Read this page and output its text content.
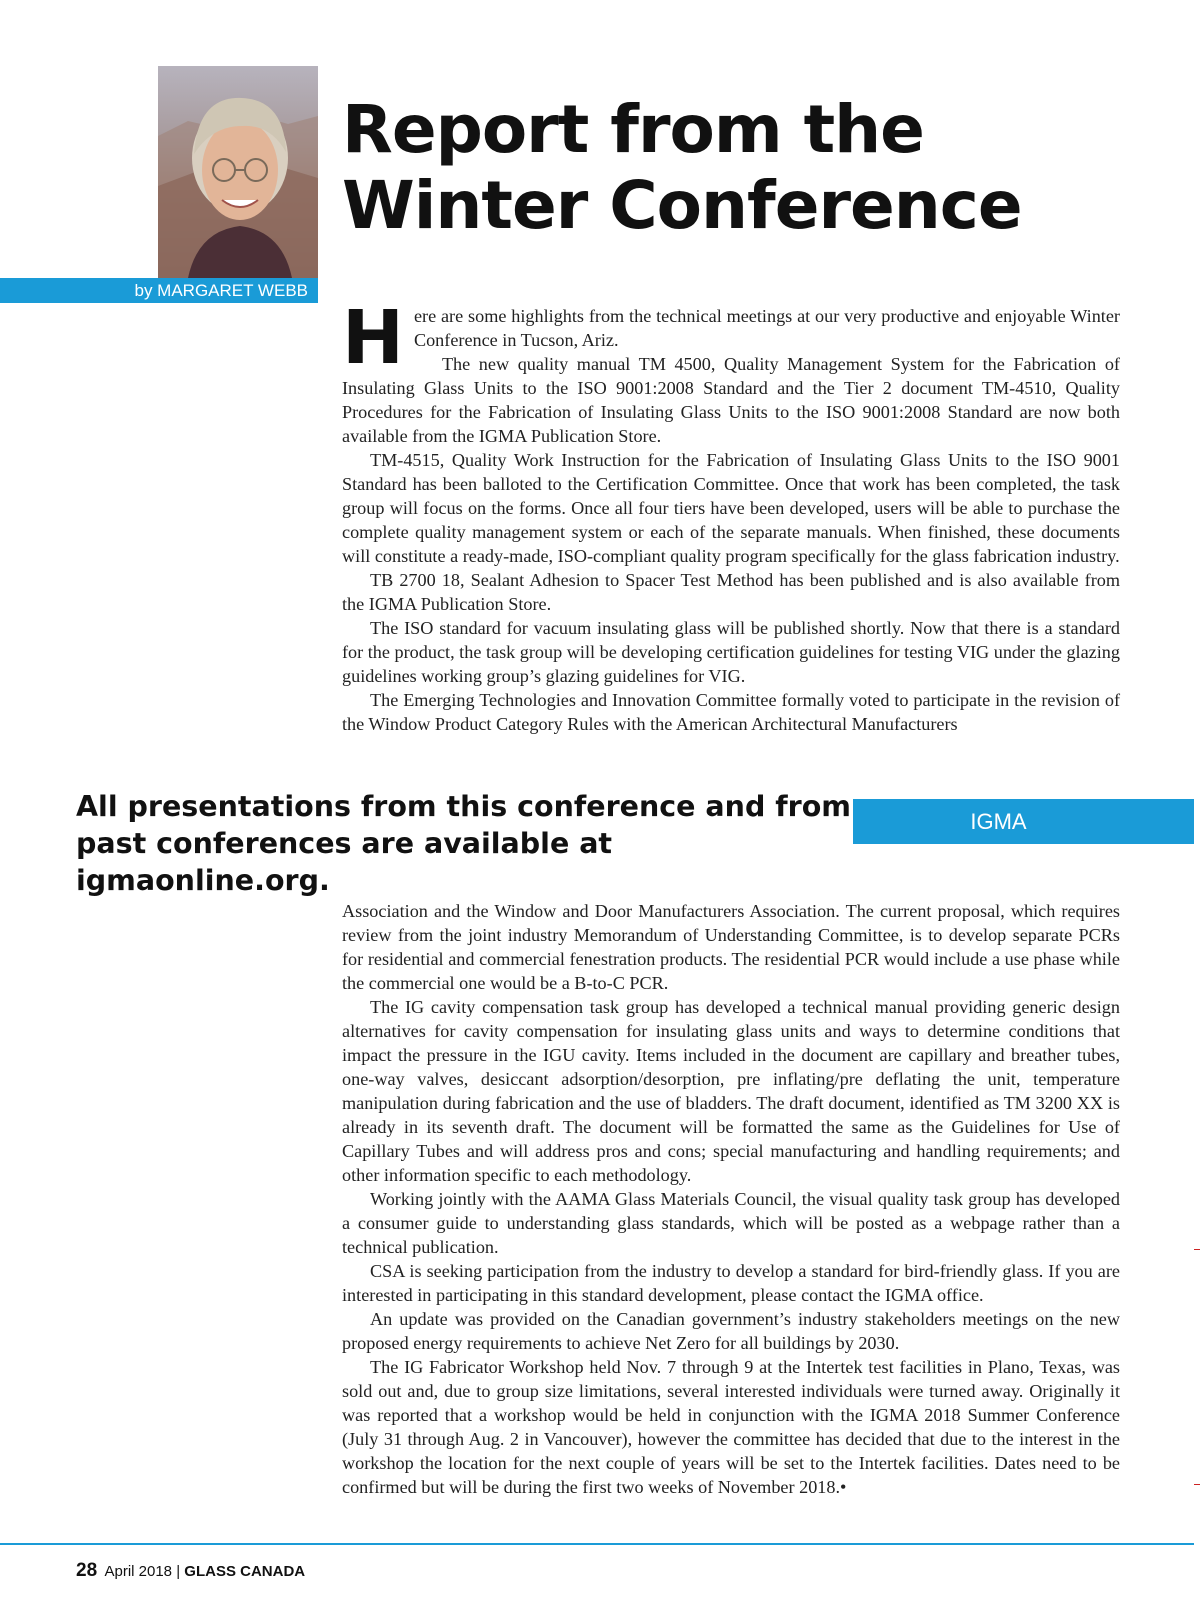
by MARGARET WEBB
Report from the
Winter Conference

Here are some highlights from the technical meetings at our very productive and enjoyable Winter Conference in Tucson, Ariz.

The new quality manual TM 4500, Quality Management System for the Fabrication of Insulating Glass Units to the ISO 9001:2008 Standard and the Tier 2 document TM-4510, Quality Procedures for the Fabrication of Insulating Glass Units to the ISO 9001:2008 Standard are now both available from the IGMA Publication Store.

TM-4515, Quality Work Instruction for the Fabrication of Insulating Glass Units to the ISO 9001 Standard has been balloted to the Certification Committee. Once that work has been completed, the task group will focus on the forms. Once all four tiers have been developed, users will be able to purchase the complete quality management system or each of the separate manuals. When finished, these documents will constitute a ready-made, ISO-compliant quality program specifically for the glass fabrication industry.

TB 2700 18, Sealant Adhesion to Spacer Test Method has been published and is also available from the IGMA Publication Store.

The ISO standard for vacuum insulating glass will be published shortly. Now that there is a standard for the product, the task group will be developing certification guidelines for testing VIG under the glazing guidelines working group’s glazing guidelines for VIG.

The Emerging Technologies and Innovation Committee formally voted to participate in the revision of the Window Product Category Rules with the American Architectural Manufacturers

All presentations from this conference and from past conferences are available at igmaonline.org.

IGMA

Association and the Window and Door Manufacturers Association. The current proposal, which requires review from the joint industry Memorandum of Understanding Committee, is to develop separate PCRs for residential and commercial fenestration products. The residential PCR would include a use phase while the commercial one would be a B-to-C PCR.

The IG cavity compensation task group has developed a technical manual providing generic design alternatives for cavity compensation for insulating glass units and ways to determine conditions that impact the pressure in the IGU cavity. Items included in the document are capillary and breather tubes, one-way valves, desiccant adsorption/desorption, pre inflating/pre deflating the unit, temperature manipulation during fabrication and the use of bladders. The draft document, identified as TM 3200 XX is already in its seventh draft. The document will be formatted the same as the Guidelines for Use of Capillary Tubes and will address pros and cons; special manufacturing and handling requirements; and other information specific to each methodology.

Working jointly with the AAMA Glass Materials Council, the visual quality task group has developed a consumer guide to understanding glass standards, which will be posted as a webpage rather than a technical publication.

CSA is seeking participation from the industry to develop a standard for bird-friendly glass. If you are interested in participating in this standard development, please contact the IGMA office.

An update was provided on the Canadian government’s industry stakeholders meetings on the new proposed energy requirements to achieve Net Zero for all buildings by 2030.

The IG Fabricator Workshop held Nov. 7 through 9 at the Intertek test facilities in Plano, Texas, was sold out and, due to group size limitations, several interested individuals were turned away. Originally it was reported that a workshop would be held in conjunction with the IGMA 2018 Summer Conference (July 31 through Aug. 2 in Vancouver), however the committee has decided that due to the interest in the workshop the location for the next couple of years will be set to the Intertek facilities. Dates need to be confirmed but will be during the first two weeks of November 2018.•

28 April 2018 | GLASS CANADA
